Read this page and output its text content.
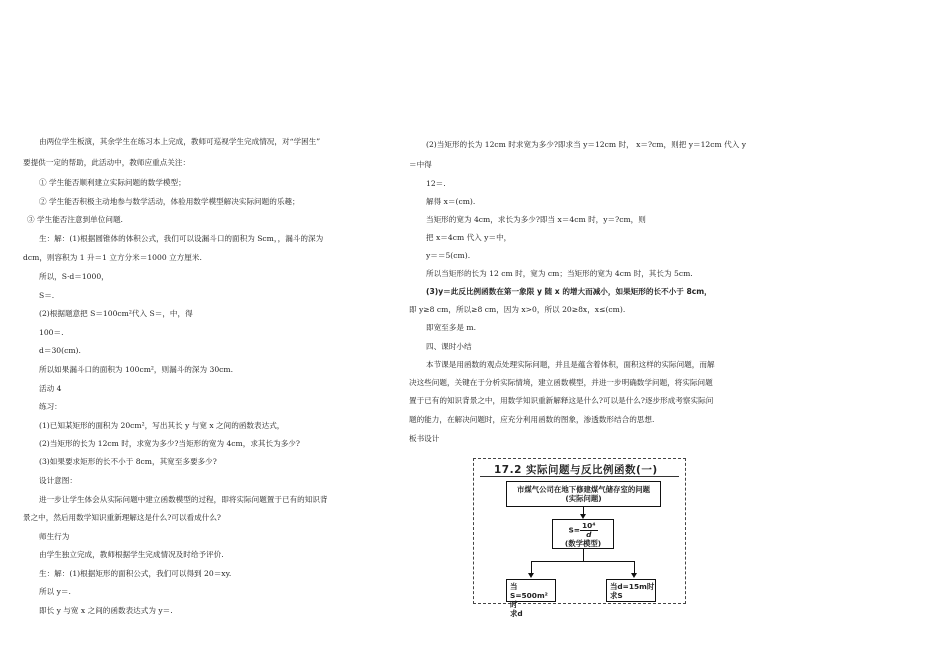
由两位学生板演，其余学生在练习本上完成，教师可巡视学生完成情况，对“学困生”
要提供一定的帮助，此活动中，教师应重点关注：
① 学生能否顺利建立实际问题的数学模型；
② 学生能否积极主动地参与数学活动，体验用数学模型解决实际问题的乐趣；
③ 学生能否注意到单位问题.
生：解：(1)根据圆锥体的体积公式，我们可以设漏斗口的面积为 Scm，，漏斗的深为
dcm，则容积为 1 升＝1 立方分米＝1000 立方厘米.
所以，S·d＝1000，
S＝.
(2)根据题意把 S＝100cm²代入 S＝，中，得
100＝.
d＝30(cm).
所以如果漏斗口的面积为 100cm²，则漏斗的深为 30cm.
活动 4
练习：
(1)已知某矩形的面积为 20cm²，写出其长 y 与宽 x 之间的函数表达式，
(2)当矩形的长为 12cm 时，求宽为多少?当矩形的宽为 4cm，求其长为多少?
(3)如果要求矩形的长不小于 8cm，其宽至多要多少?
设计意图：
进一步让学生体会从实际问题中建立函数模型的过程，即将实际问题置于已有的知识背
景之中，然后用数学知识重新理解这是什么?可以看成什么?
师生行为
由学生独立完成，教师根据学生完成情况及时给予评价.
生：解：(1)根据矩形的面积公式，我们可以得到 20＝xy.
所以 y＝.
即长 y 与宽 x 之间的函数表达式为 y＝.
(2)当矩形的长为 12cm 时求宽为多少?即求当 y＝12cm 时， x＝?cm，则把 y＝12cm 代入 y
＝中得
12＝.
解得 x＝(cm).
当矩形的宽为 4cm，求长为多少?即当 x＝4cm 时，y＝?cm，则
把 x＝4cm 代入 y＝中，
y＝＝5(cm).
所以当矩形的长为 12 cm 时，宽为 cm；当矩形的宽为 4cm 时，其长为 5cm.
(3)y＝此反比例函数在第一象限 y 随 x 的增大而减小，如果矩形的长不小于 8cm，
即 y≥8 cm，所以≥8 cm，因为 x>0，所以 20≥8x，x≤(cm).
即宽至多是 m.
四、课时小结
本节课是用函数的观点处理实际问题，并且是蕴含着体积，面积这样的实际问题，而解
决这些问题，关键在于分析实际情境，建立函数模型，并进一步明确数学问题，将实际问题
置于已有的知识背景之中，用数学知识重新解释这是什么?可以是什么?逐步形成考察实际问
题的能力，在解决问题时，应充分利用函数的图象，渗透数形结合的思想.
板书设计
17.2 实际问题与反比例函数(一)
市煤气公司在地下修建煤气储存室的问题
(实际问题)
$S= \frac{\text{10⁴}}{d}$
(数学模型)
当S=500m²时
求d
当d=15m时
求S
